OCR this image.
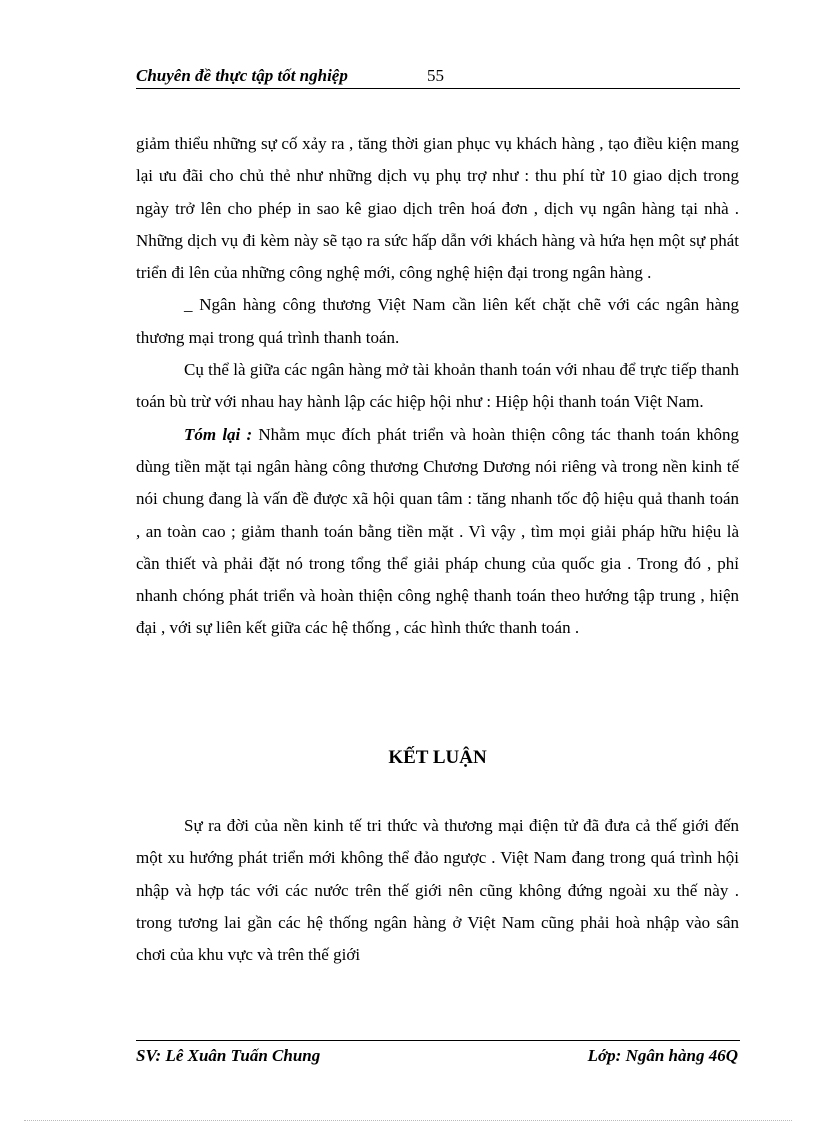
Chuyên đề thực tập tốt nghiệp	55

giảm thiểu những sự cố xảy ra , tăng thời gian phục vụ khách hàng , tạo điều kiện mang lại ưu đãi cho chủ thẻ như những dịch vụ phụ trợ như : thu phí từ 10 giao dịch trong ngày trở lên cho phép in sao kê giao dịch trên hoá đơn , dịch vụ ngân hàng tại nhà . Những dịch vụ đi kèm này sẽ tạo ra sức hấp dẫn với khách hàng và hứa hẹn một sự phát triển đi lên của những công nghệ mới, công nghệ hiện đại trong ngân hàng .

_ Ngân hàng công thương Việt Nam cần liên kết chặt chẽ với các ngân hàng thương mại trong quá trình thanh toán.

Cụ thể là giữa các ngân hàng mở tài khoản thanh toán với nhau để trực tiếp thanh toán bù trừ với nhau hay hành lập các hiệp hội như : Hiệp hội thanh toán Việt Nam.

Tóm lại : Nhằm mục đích phát triển và hoàn thiện công tác thanh toán không dùng tiền mặt tại ngân hàng công thương Chương Dương nói riêng và trong nền kinh tế nói chung đang là vấn đề được xã hội quan tâm : tăng nhanh tốc độ hiệu quả thanh toán , an toàn cao ; giảm thanh toán bằng tiền mặt . Vì vậy , tìm mọi giải pháp hữu hiệu là cần thiết và phải đặt nó trong tổng thể giải pháp chung của quốc gia . Trong đó , phỉ nhanh chóng phát triển và hoàn thiện công nghệ thanh toán theo hướng tập trung , hiện đại , với sự liên kết giữa các hệ thống , các hình thức thanh toán .

KẾT LUẬN

Sự ra đời của nền kinh tế tri thức và thương mại điện tử đã đưa cả thế giới đến một xu hướng phát triển mới không thể đảo ngược . Việt Nam đang trong quá trình hội nhập và hợp tác với các nước trên thế giới nên cũng không đứng ngoài xu thế này . trong tương lai gần các hệ thống ngân hàng ở Việt Nam cũng phải hoà nhập vào sân chơi của khu vực và trên thế giới

SV: Lê Xuân Tuấn Chung	Lớp: Ngân hàng 46Q
